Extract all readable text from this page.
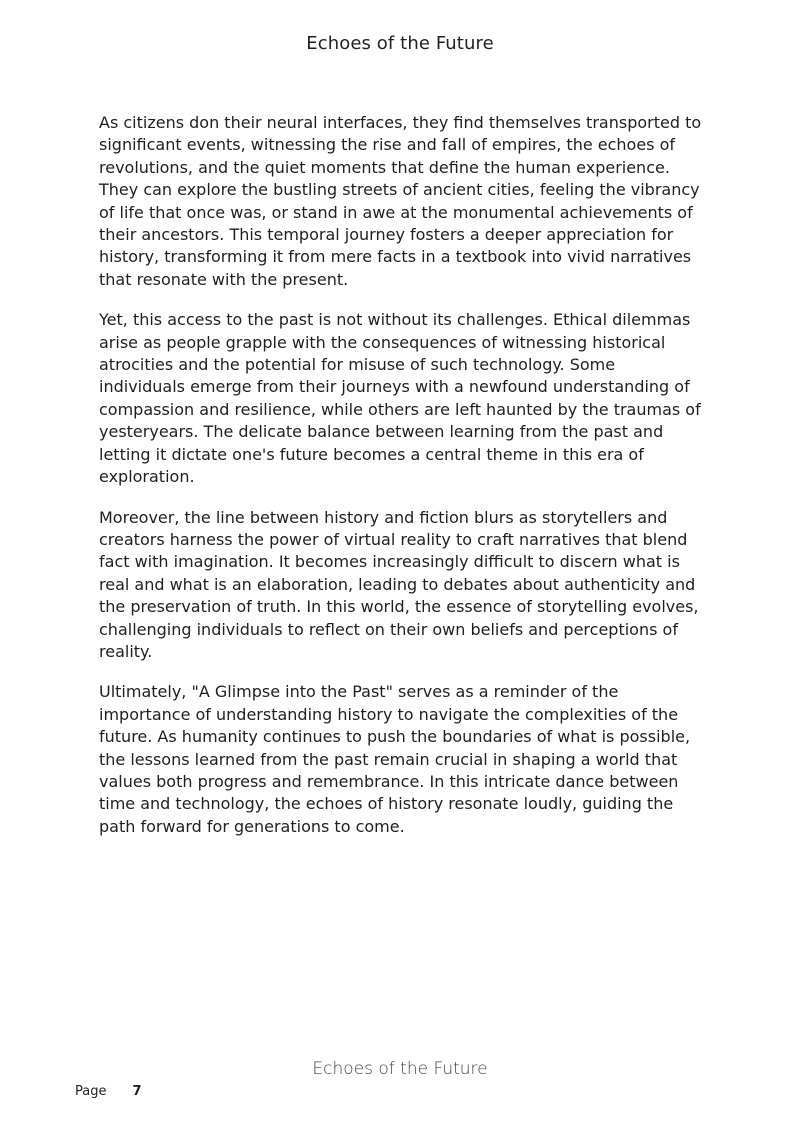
Echoes of the Future

As citizens don their neural interfaces, they find themselves transported to significant events, witnessing the rise and fall of empires, the echoes of revolutions, and the quiet moments that define the human experience. They can explore the bustling streets of ancient cities, feeling the vibrancy of life that once was, or stand in awe at the monumental achievements of their ancestors. This temporal journey fosters a deeper appreciation for history, transforming it from mere facts in a textbook into vivid narratives that resonate with the present.

Yet, this access to the past is not without its challenges. Ethical dilemmas arise as people grapple with the consequences of witnessing historical atrocities and the potential for misuse of such technology. Some individuals emerge from their journeys with a newfound understanding of compassion and resilience, while others are left haunted by the traumas of yesteryears. The delicate balance between learning from the past and letting it dictate one's future becomes a central theme in this era of exploration.

Moreover, the line between history and fiction blurs as storytellers and creators harness the power of virtual reality to craft narratives that blend fact with imagination. It becomes increasingly difficult to discern what is real and what is an elaboration, leading to debates about authenticity and the preservation of truth. In this world, the essence of storytelling evolves, challenging individuals to reflect on their own beliefs and perceptions of reality.

Ultimately, "A Glimpse into the Past" serves as a reminder of the importance of understanding history to navigate the complexities of the future. As humanity continues to push the boundaries of what is possible, the lessons learned from the past remain crucial in shaping a world that values both progress and remembrance. In this intricate dance between time and technology, the echoes of history resonate loudly, guiding the path forward for generations to come.

Echoes of the Future
Page 7
